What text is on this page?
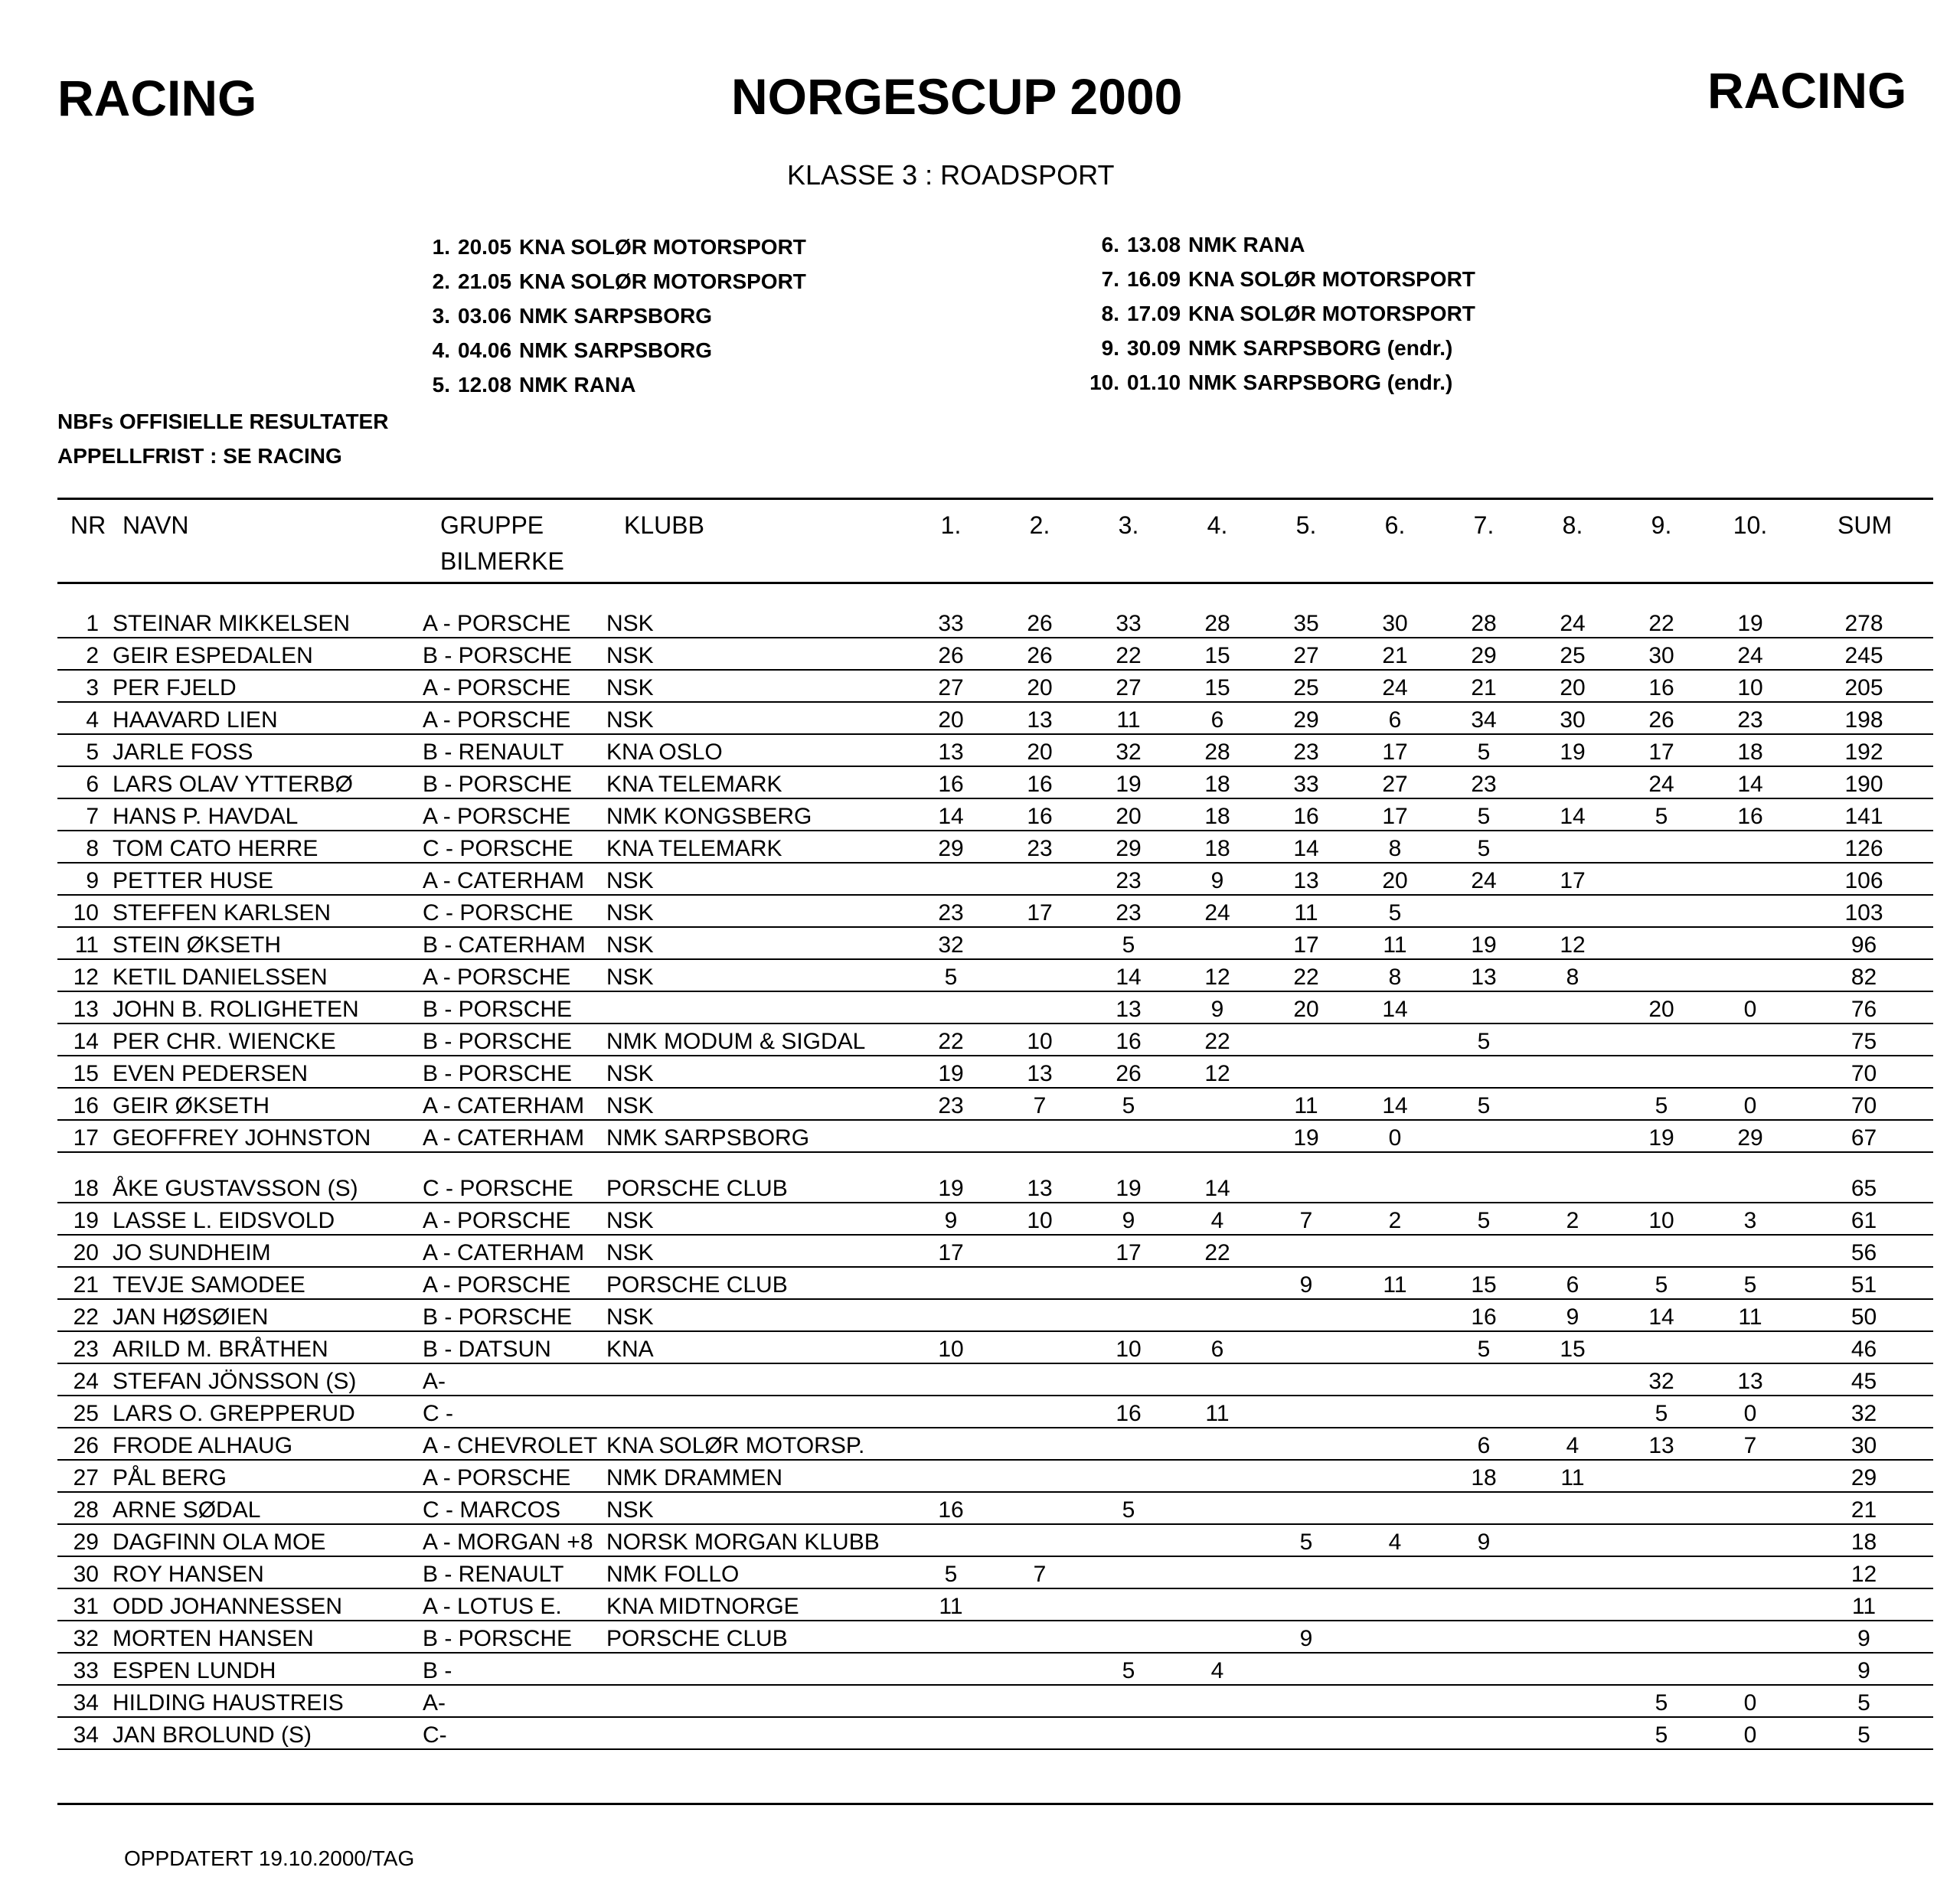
RACING	NORGESCUP 2000	RACING
KLASSE 3 : ROADSPORT
1. 20.05 KNA SOLØR MOTORSPORT
2. 21.05 KNA SOLØR MOTORSPORT
3. 03.06 NMK SARPSBORG
4. 04.06 NMK SARPSBORG
5. 12.08 NMK RANA
6. 13.08 NMK RANA
7. 16.09 KNA SOLØR MOTORSPORT
8. 17.09 KNA SOLØR MOTORSPORT
9. 30.09 NMK SARPSBORG (endr.)
10. 01.10 NMK SARPSBORG (endr.)
NBFs OFFISIELLE RESULTATER
APPELLFRIST : SE RACING
NR NAVN	GRUPPE
BILMERKE
KLUBB	1.	2.	3.	4.	5.	6.	7.	8.	9.	10.	SUM
1	STEINAR MIKKELSEN	A - PORSCHE	NSK	33	26	33	28	35	30	28	24	22	19	278
2	GEIR ESPEDALEN	B - PORSCHE	NSK	26	26	22	15	27	21	29	25	30	24	245
3	PER FJELD	A - PORSCHE	NSK	27	20	27	15	25	24	21	20	16	10	205
4	HAAVARD LIEN	A - PORSCHE	NSK	20	13	11	6	29	6	34	30	26	23	198
5	JARLE FOSS	B - RENAULT	KNA OSLO	13	20	32	28	23	17	5	19	17	18	192
6	LARS OLAV YTTERBØ	B - PORSCHE	KNA TELEMARK	16	16	19	18	33	27	23		24	14	190
7	HANS P. HAVDAL	A - PORSCHE	NMK KONGSBERG	14	16	20	18	16	17	5	14	5	16	141
8	TOM CATO HERRE	C - PORSCHE	KNA TELEMARK	29	23	29	18	14	8	5				126
9	PETTER HUSE	A - CATERHAM	NSK			23	9	13	20	24	17			106
10	STEFFEN KARLSEN	C - PORSCHE	NSK	23	17	23	24	11	5					103
11	STEIN ØKSETH	B - CATERHAM	NSK	32		5		17	11	19	12			96
12	KETIL DANIELSSEN	A - PORSCHE	NSK	5		14	12	22	8	13	8			82
13	JOHN B. ROLIGHETEN	B - PORSCHE				13	9	20	14			20	0	76
14	PER CHR. WIENCKE	B - PORSCHE	NMK MODUM & SIGDAL	22	10	16	22			5				75
15	EVEN PEDERSEN	B - PORSCHE	NSK	19	13	26	12							70
16	GEIR ØKSETH	A - CATERHAM	NSK	23	7	5		11	14	5		5	0	70
17	GEOFFREY JOHNSTON	A - CATERHAM	NMK SARPSBORG					19	0			19	29	67
18	ÅKE GUSTAVSSON (S)	C - PORSCHE	PORSCHE CLUB	19	13	19	14							65
19	LASSE L. EIDSVOLD	A - PORSCHE	NSK	9	10	9	4	7	2	5	2	10	3	61
20	JO SUNDHEIM	A - CATERHAM	NSK	17		17	22							56
21	TEVJE SAMODEE	A - PORSCHE	PORSCHE CLUB					9	11	15	6	5	5	51
22	JAN HØSØIEN	B - PORSCHE	NSK							16	9	14	11	50
23	ARILD M. BRÅTHEN	B - DATSUN	KNA	10		10	6			5	15			46
24	STEFAN JÖNSSON (S)	A-										32	13	45
25	LARS O. GREPPERUD	C -				16	11					5	0	32
26	FRODE ALHAUG	A - CHEVROLET	KNA SOLØR MOTORSP.							6	4	13	7	30
27	PÅL BERG	A - PORSCHE	NMK DRAMMEN							18	11			29
28	ARNE SØDAL	C - MARCOS	NSK	16		5								21
29	DAGFINN OLA MOE	A - MORGAN +8	NORSK MORGAN KLUBB					5	4	9				18
30	ROY HANSEN	B - RENAULT	NMK FOLLO	5	7									12
31	ODD JOHANNESSEN	A - LOTUS E.	KNA MIDTNORGE	11										11
32	MORTEN HANSEN	B - PORSCHE	PORSCHE CLUB					9						9
33	ESPEN LUNDH	B -				5	4							9
34	HILDING HAUSTREIS	A-										5	0	5
34	JAN BROLUND (S)	C-										5	0	5
OPPDATERT 19.10.2000/TAG
